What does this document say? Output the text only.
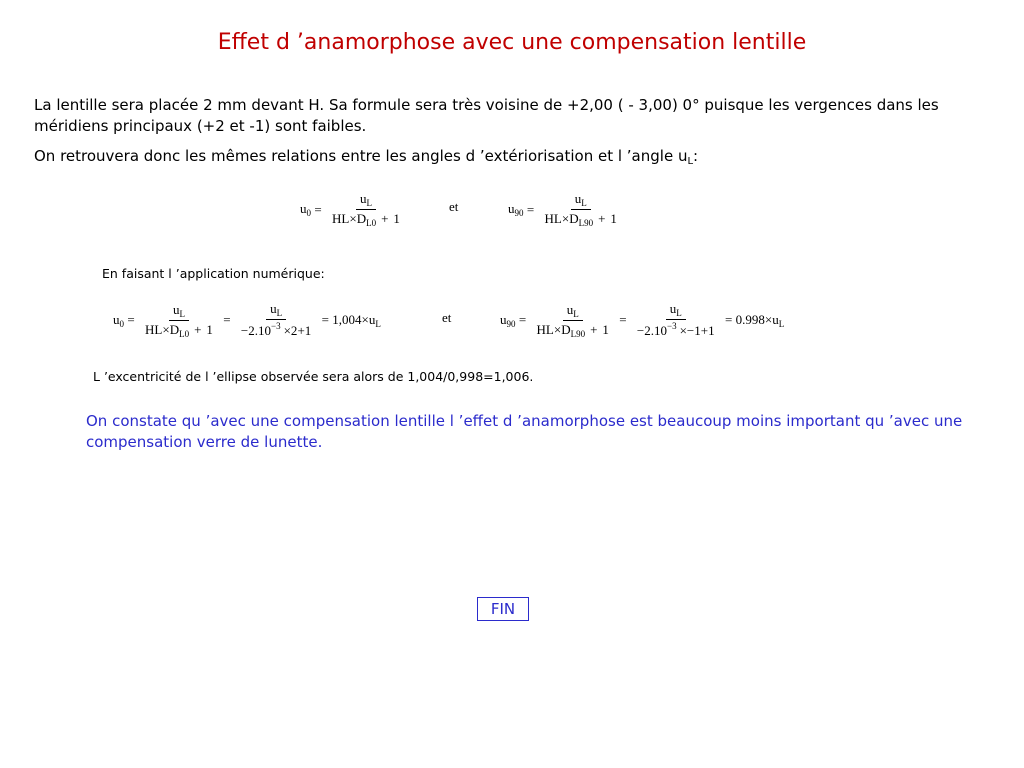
Effet d ’anamorphose avec une compensation lentille
La lentille sera placée 2 mm devant H. Sa formule sera très voisine de +2,00 ( - 3,00) 0° puisque les vergences dans les méridiens principaux (+2 et -1) sont faibles.
On retrouvera donc les mêmes relations entre les angles d ’extériorisation et l ’angle $u_L$:
$u_0 = \frac{u_L}{HL\times D_{L0} + 1}$	et	$u_{90} = \frac{u_L}{HL\times D_{L90} + 1}$
En faisant l ’application numérique:
$u_0 = \frac{u_L}{HL\times D_{L0} + 1} = \frac{u_L}{-2.10^{-3} \times 2+1} = 1,004\times u_L$	et	$u_{90} = \frac{u_L}{HL\times D_{L90} + 1} = \frac{u_L}{-2.10^{-3} \times-1+1} = 0.998\times u_L$
L ’excentricité de l ’ellipse observée sera alors de 1,004/0,998=1,006.
On constate qu ’avec une compensation lentille l ’effet d ’anamorphose est beaucoup moins important qu ’avec une compensation verre de lunette.
FIN
